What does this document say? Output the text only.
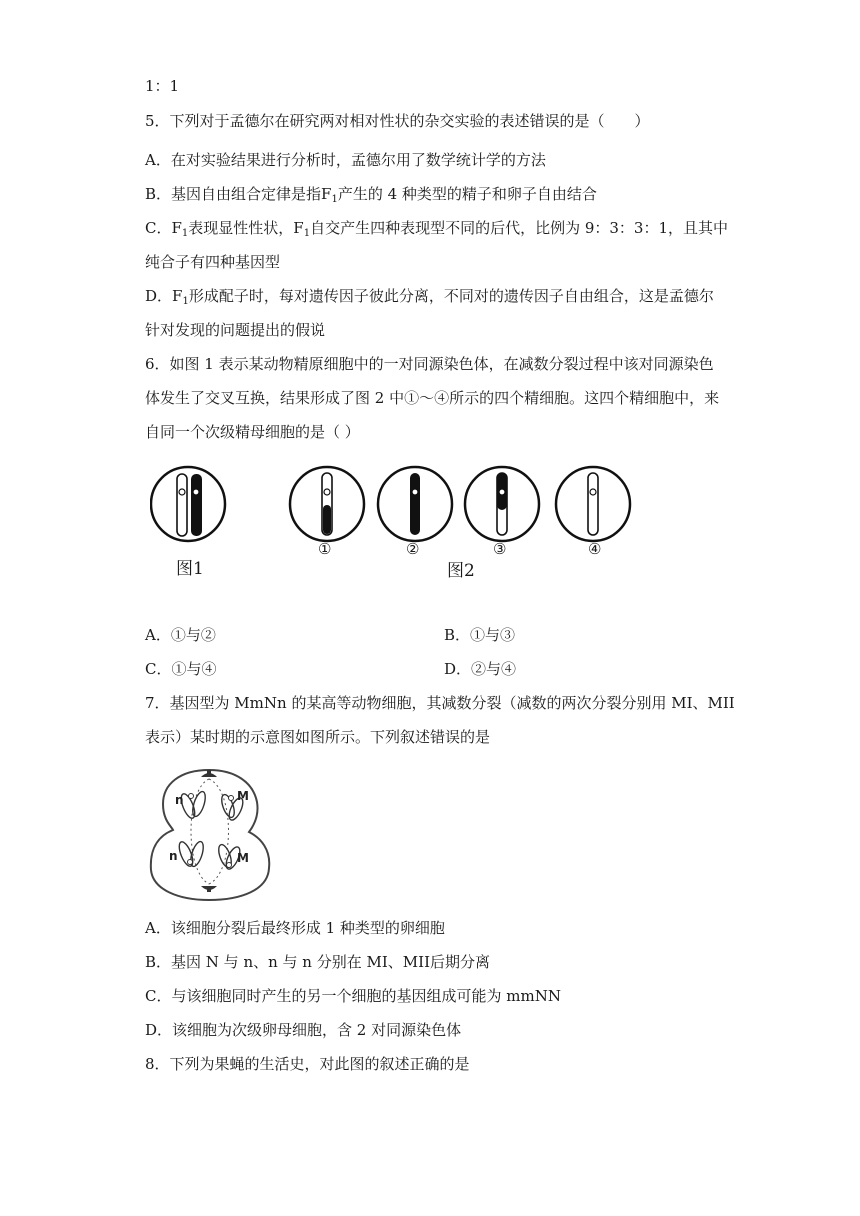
1：1
5．下列对于孟德尔在研究两对相对性状的杂交实验的表述错误的是（　　）
A．在对实验结果进行分析时，孟德尔用了数学统计学的方法
B．基因自由组合定律是指$F_1$产生的 4 种类型的精子和卵子自由结合
C．$F_1$表现显性性状，$F_1$自交产生四种表现型不同的后代，比例为 9：3：3：1，且其中
纯合子有四种基因型
D．$F_1$形成配子时，每对遗传因子彼此分离，不同对的遗传因子自由组合，这是孟德尔
针对发现的问题提出的假说
6．如图 1 表示某动物精原细胞中的一对同源染色体，在减数分裂过程中该对同源染色
体发生了交叉互换，结果形成了图 2 中①～④所示的四个精细胞。这四个精细胞中，来
自同一个次级精母细胞的是（ ）
图1
①	②	③	④
图2
A．①与②	B．①与③
C．①与④	D．②与④
7．基因型为 MmNn 的某高等动物细胞，其减数分裂（减数的两次分裂分别用 MI、MII
表示）某时期的示意图如图所示。下列叙述错误的是
n	M
n	M
A．该细胞分裂后最终形成 1 种类型的卵细胞
B．基因 N 与 n、n 与 n 分别在 MI、MII后期分离
C．与该细胞同时产生的另一个细胞的基因组成可能为 mmNN
D．该细胞为次级卵母细胞，含 2 对同源染色体
8．下列为果蝇的生活史，对此图的叙述正确的是
